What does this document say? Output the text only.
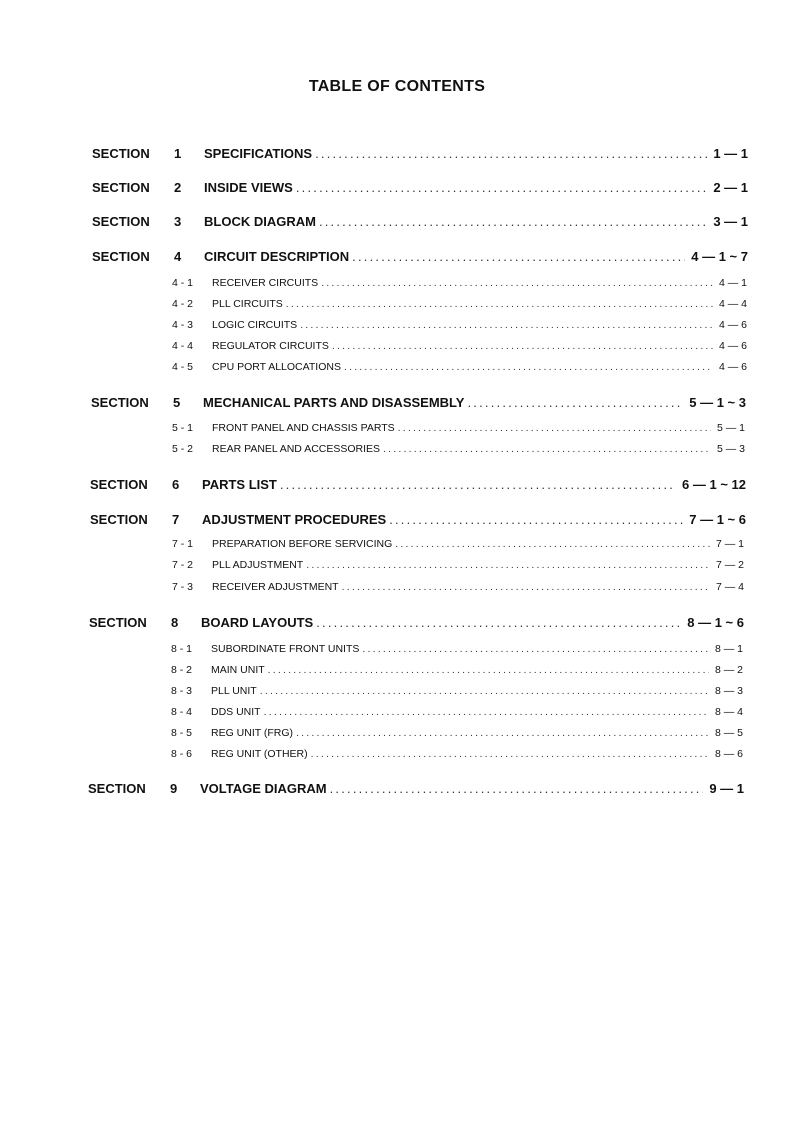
TABLE OF CONTENTS
SECTION	1	SPECIFICATIONS .....	1 — 1
SECTION	2	INSIDE VIEWS .....	2 — 1
SECTION	3	BLOCK DIAGRAM .....	3 — 1
SECTION	4	CIRCUIT DESCRIPTION .....	4 — 1 ~ 7
4 - 1	RECEIVER CIRCUITS .....	4 — 1
4 - 2	PLL CIRCUITS .....	4 — 4
4 - 3	LOGIC CIRCUITS .....	4 — 6
4 - 4	REGULATOR CIRCUITS .....	4 — 6
4 - 5	CPU PORT ALLOCATIONS .....	4 — 6
SECTION	5	MECHANICAL PARTS AND DISASSEMBLY .....	5 — 1 ~ 3
5 - 1	FRONT PANEL AND CHASSIS PARTS .....	5 — 1
5 - 2	REAR PANEL AND ACCESSORIES .....	5 — 3
SECTION	6	PARTS LIST .....	6 — 1 ~ 12
SECTION	7	ADJUSTMENT PROCEDURES .....	7 — 1 ~ 6
7 - 1	PREPARATION BEFORE SERVICING .....	7 — 1
7 - 2	PLL ADJUSTMENT .....	7 — 2
7 - 3	RECEIVER ADJUSTMENT .....	7 — 4
SECTION	8	BOARD LAYOUTS .....	8 — 1 ~ 6
8 - 1	SUBORDINATE FRONT UNITS .....	8 — 1
8 - 2	MAIN UNIT .....	8 — 2
8 - 3	PLL UNIT .....	8 — 3
8 - 4	DDS UNIT .....	8 — 4
8 - 5	REG UNIT (FRG) .....	8 — 5
8 - 6	REG UNIT (OTHER) .....	8 — 6
SECTION	9	VOLTAGE DIAGRAM .....	9 — 1
